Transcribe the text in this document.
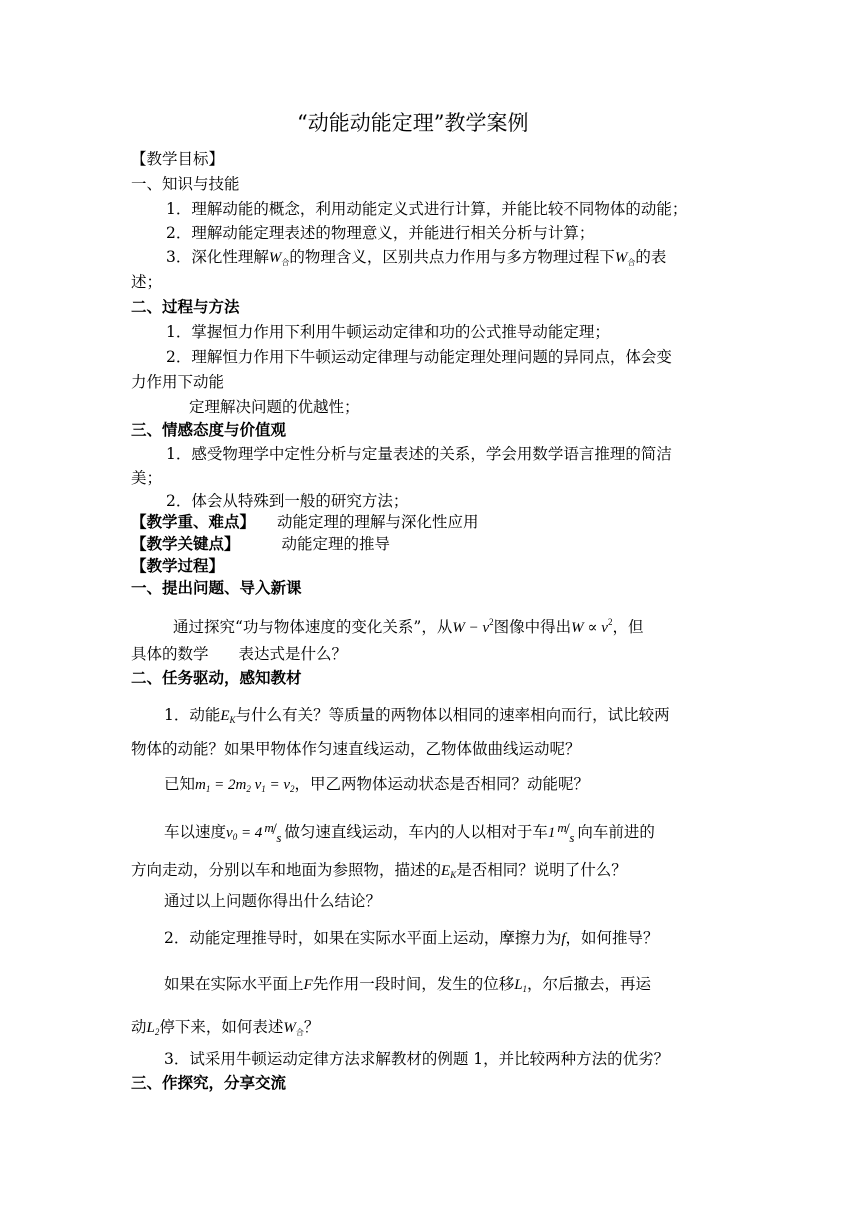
“动能动能定理”教学案例
【教学目标】
一、知识与技能
1．理解动能的概念，利用动能定义式进行计算，并能比较不同物体的动能；
2．理解动能定理表述的物理意义，并能进行相关分析与计算；
3．深化性理解$W_合$的物理含义，区别共点力作用与多方物理过程下$W_合$的表
述；
二、过程与方法
1．掌握恒力作用下利用牛顿运动定律和功的公式推导动能定理；
2．理解恒力作用下牛顿运动定律理与动能定理处理问题的异同点，体会变
力作用下动能
定理解决问题的优越性；
三、情感态度与价值观
1．感受物理学中定性分析与定量表述的关系，学会用数学语言推理的简洁
美；
2．体会从特殊到一般的研究方法；
【教学重、难点】 动能定理的理解与深化性应用
【教学关键点】	动能定理的推导
【教学过程】
一、提出问题、导入新课
通过探究“功与物体速度的变化关系”，从$W - v^2$图像中得出$W \propto v^2$，但
具体的数学 表达式是什么？
二、任务驱动，感知教材
1．动能$E_K$与什么有关？等质量的两物体以相同的速率相向而行，试比较两
物体的动能？如果甲物体作匀速直线运动，乙物体做曲线运动呢？
已知$m_1 = 2m_2$ $v_1 = v_2$，甲乙两物体运动状态是否相同？动能呢？
车以速度$v_0 = 4$ m
/ s 做匀速直线运动，车内的人以相对于车1 m
/ s 向车前进的
方向走动，分别以车和地面为参照物，描述的$E_K$是否相同？说明了什么？
通过以上问题你得出什么结论？
2．动能定理推导时，如果在实际水平面上运动，摩擦力为f，如何推导？
如果在实际水平面上F先作用一段时间，发生的位移$L_1$，尔后撤去，再运
动$L_2$停下来，如何表述$W_合$？
3．试采用牛顿运动定律方法求解教材的例题 1，并比较两种方法的优劣？
三、作探究，分享交流
